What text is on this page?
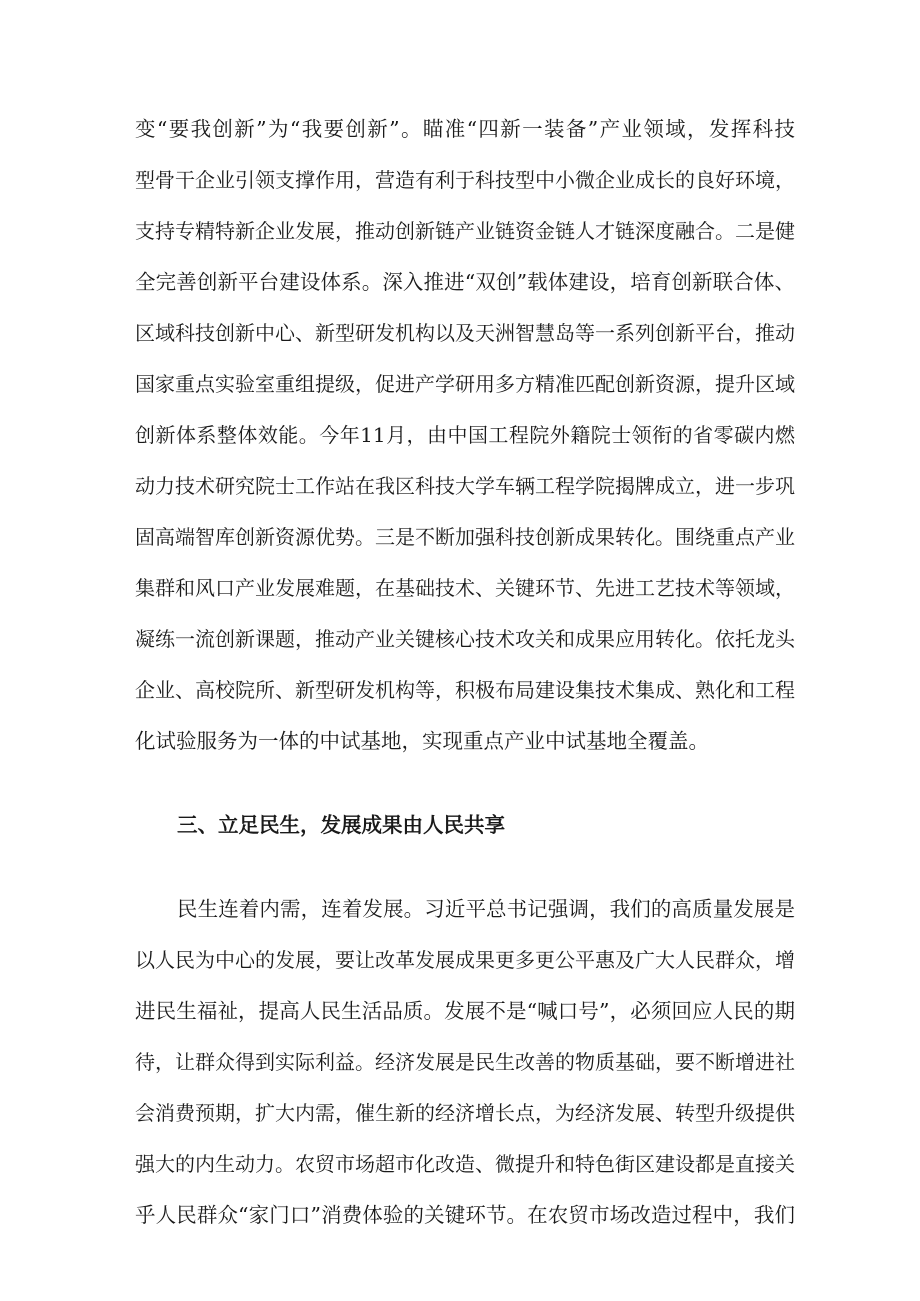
变“要我创新”为“我要创新”。瞄准“四新一装备”产业领域，发挥科技
型骨干企业引领支撑作用，营造有利于科技型中小微企业成长的良好环境，
支持专精特新企业发展，推动创新链产业链资金链人才链深度融合。二是健
全完善创新平台建设体系。深入推进“双创”载体建设，培育创新联合体、
区域科技创新中心、新型研发机构以及天洲智慧岛等一系列创新平台，推动
国家重点实验室重组提级，促进产学研用多方精准匹配创新资源，提升区域
创新体系整体效能。今年11月，由中国工程院外籍院士领衔的省零碳内燃
动力技术研究院士工作站在我区科技大学车辆工程学院揭牌成立，进一步巩
固高端智库创新资源优势。三是不断加强科技创新成果转化。围绕重点产业
集群和风口产业发展难题，在基础技术、关键环节、先进工艺技术等领域，
凝练一流创新课题，推动产业关键核心技术攻关和成果应用转化。依托龙头
企业、高校院所、新型研发机构等，积极布局建设集技术集成、熟化和工程
化试验服务为一体的中试基地，实现重点产业中试基地全覆盖。
三、立足民生，发展成果由人民共享
民生连着内需，连着发展。习近平总书记强调，我们的高质量发展是
以人民为中心的发展，要让改革发展成果更多更公平惠及广大人民群众，增
进民生福祉，提高人民生活品质。发展不是“喊口号”，必须回应人民的期
待，让群众得到实际利益。经济发展是民生改善的物质基础，要不断增进社
会消费预期，扩大内需，催生新的经济增长点，为经济发展、转型升级提供
强大的内生动力。农贸市场超市化改造、微提升和特色街区建设都是直接关
乎人民群众“家门口”消费体验的关键环节。在农贸市场改造过程中，我们
